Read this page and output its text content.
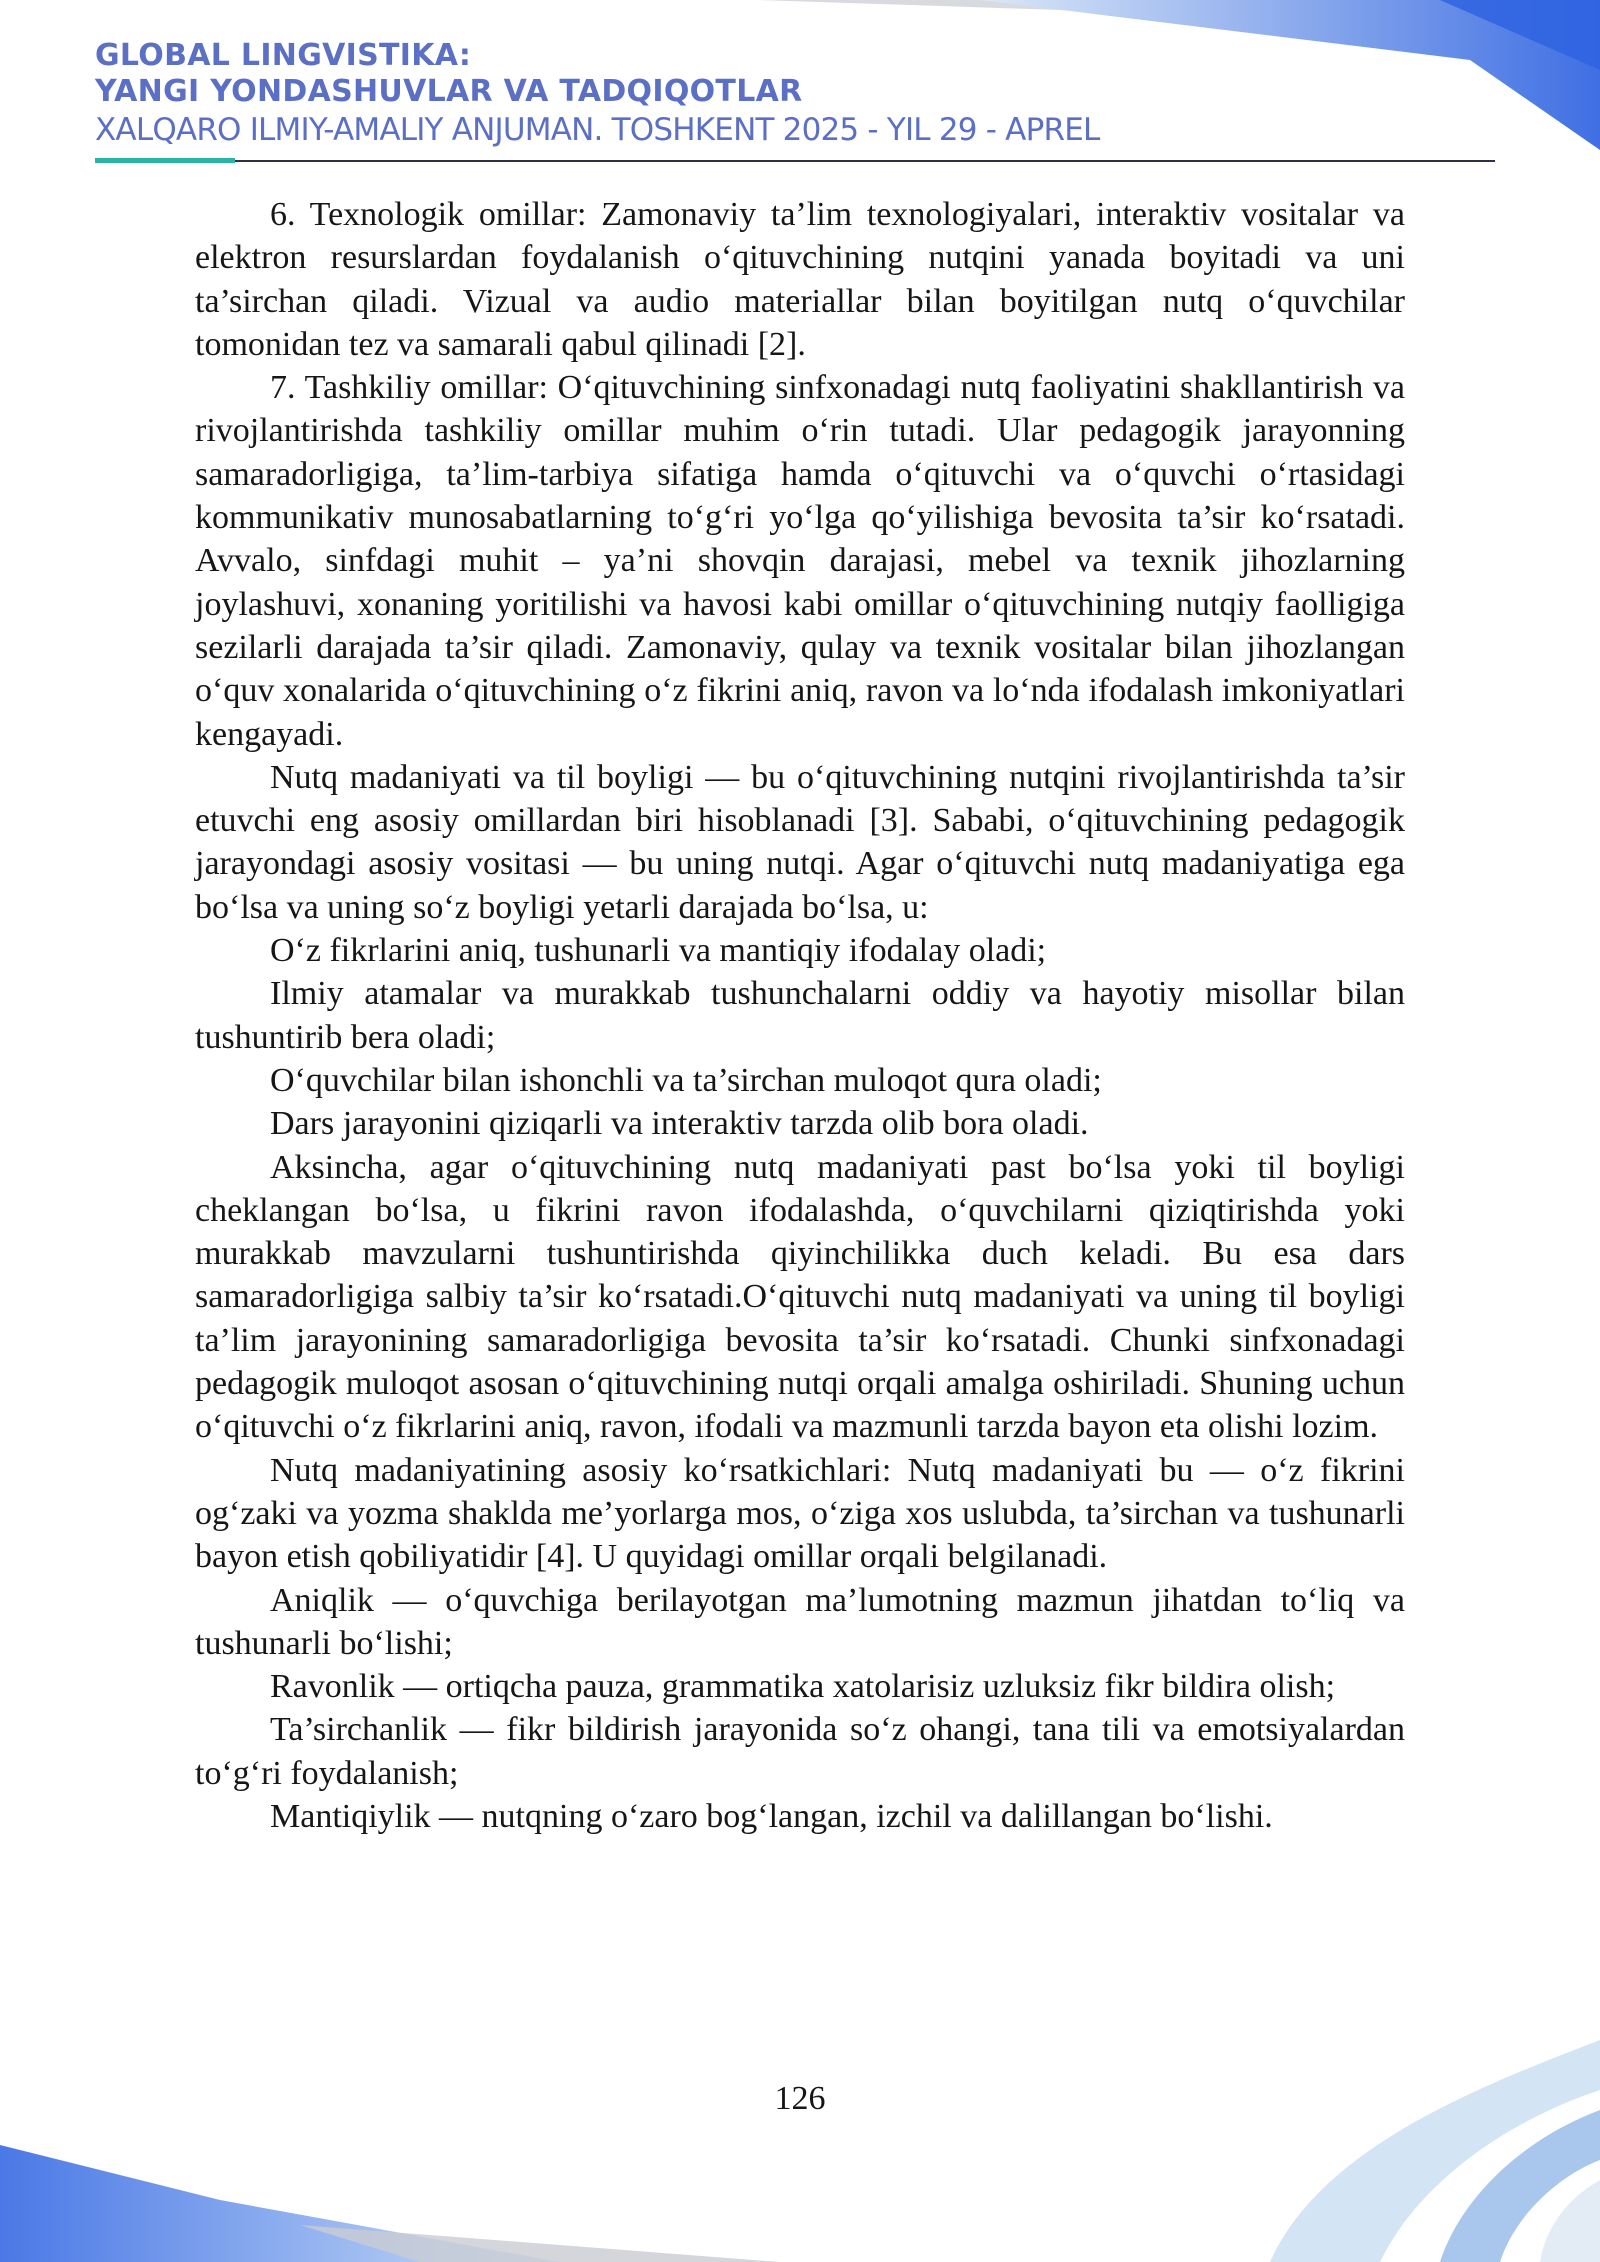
GLOBAL LINGVISTIKA:
YANGI YONDASHUVLAR VA TADQIQOTLAR
XALQARO ILMIY-AMALIY ANJUMAN. TOSHKENT 2025 - YIL 29 - APREL

6. Texnologik omillar: Zamonaviy ta’lim texnologiyalari, interaktiv vositalar va elektron resurslardan foydalanish o‘qituvchining nutqini yanada boyitadi va uni ta’sirchan qiladi. Vizual va audio materiallar bilan boyitilgan nutq o‘quvchilar tomonidan tez va samarali qabul qilinadi [2].

7. Tashkiliy omillar: O‘qituvchining sinfxonadagi nutq faoliyatini shakllantirish va rivojlantirishda tashkiliy omillar muhim o‘rin tutadi. Ular pedagogik jarayonning samaradorligiga, ta’lim-tarbiya sifatiga hamda o‘qituvchi va o‘quvchi o‘rtasidagi kommunikativ munosabatlarning to‘g‘ri yo‘lga qo‘yilishiga bevosita ta’sir ko‘rsatadi. Avvalo, sinfdagi muhit – ya’ni shovqin darajasi, mebel va texnik jihozlarning joylashuvi, xonaning yoritilishi va havosi kabi omillar o‘qituvchining nutqiy faolligiga sezilarli darajada ta’sir qiladi. Zamonaviy, qulay va texnik vositalar bilan jihozlangan o‘quv xonalarida o‘qituvchining o‘z fikrini aniq, ravon va lo‘nda ifodalash imkoniyatlari kengayadi.

Nutq madaniyati va til boyligi — bu o‘qituvchining nutqini rivojlantirishda ta’sir etuvchi eng asosiy omillardan biri hisoblanadi [3]. Sababi, o‘qituvchining pedagogik jarayondagi asosiy vositasi — bu uning nutqi. Agar o‘qituvchi nutq madaniyatiga ega bo‘lsa va uning so‘z boyligi yetarli darajada bo‘lsa, u:

O‘z fikrlarini aniq, tushunarli va mantiqiy ifodalay oladi;

Ilmiy atamalar va murakkab tushunchalarni oddiy va hayotiy misollar bilan tushuntirib bera oladi;

O‘quvchilar bilan ishonchli va ta’sirchan muloqot qura oladi;

Dars jarayonini qiziqarli va interaktiv tarzda olib bora oladi.

Aksincha, agar o‘qituvchining nutq madaniyati past bo‘lsa yoki til boyligi cheklangan bo‘lsa, u fikrini ravon ifodalashda, o‘quvchilarni qiziqtirishda yoki murakkab mavzularni tushuntirishda qiyinchilikka duch keladi. Bu esa dars samaradorligiga salbiy ta’sir ko‘rsatadi.O‘qituvchi nutq madaniyati va uning til boyligi ta’lim jarayonining samaradorligiga bevosita ta’sir ko‘rsatadi. Chunki sinfxonadagi pedagogik muloqot asosan o‘qituvchining nutqi orqali amalga oshiriladi. Shuning uchun o‘qituvchi o‘z fikrlarini aniq, ravon, ifodali va mazmunli tarzda bayon eta olishi lozim.

Nutq madaniyatining asosiy ko‘rsatkichlari: Nutq madaniyati bu — o‘z fikrini og‘zaki va yozma shaklda me’yorlarga mos, o‘ziga xos uslubda, ta’sirchan va tushunarli bayon etish qobiliyatidir [4]. U quyidagi omillar orqali belgilanadi.

Aniqlik — o‘quvchiga berilayotgan ma’lumotning mazmun jihatdan to‘liq va tushunarli bo‘lishi;

Ravonlik — ortiqcha pauza, grammatika xatolarisiz uzluksiz fikr bildira olish;

Ta’sirchanlik — fikr bildirish jarayonida so‘z ohangi, tana tili va emotsiyalardan to‘g‘ri foydalanish;

Mantiqiylik — nutqning o‘zaro bog‘langan, izchil va dalillangan bo‘lishi.

126
